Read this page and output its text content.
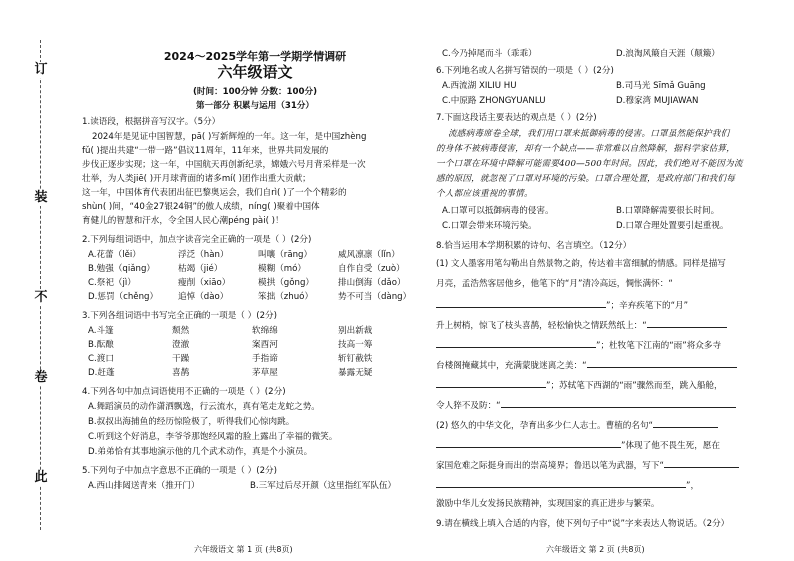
订
装
不
卷
此
2024～2025学年第一学期学情调研
六年级语文
(时间：100分钟 分数：100分)
第一部分 积累与运用（31分）
1.读语段，根据拼音写汉字。（5分）
2024年是见证中国智慧，pā( )写新辉煌的一年。这一年，是中国zhèng
fǔ( )提出共建“一带一路”倡议11周年，11年来，世界共同发展的
步伐正逐步实现；这一年，中国航天再创新纪录，嫦娥六号月背采样是一次
壮举，为人类jiē( )开月球背面的诸多mí( )团作出重大贡献；
这一年，中国体育代表团出征巴黎奥运会，我们自rì( )了一个个精彩的
shùn( )间，“40金27银24铜”的傲人成绩，níng( )聚着中国体
育健儿的智慧和汗水，令全国人民心潮péng pài( )！
2.下列每组词语中，加点字读音完全正确的一项是（ ）(2分)
A.花蕾（lěi）	浮泛（hàn）	叫嚷（rāng）	威风凛凛（lǐn）
B.勉强（qiǎng）	枯竭（jié）	模糊（mó）	自作自受（zuò）
C.祭祀（jì）	瘦削（xiāo）	模拱（gǒng）	排山倒海（dǎo）
D.惩罚（chěng） 追悼（dào）	笨拙（zhuó）	势不可当（dàng）
3.下列各组词语中书写完全正确的一项是（ ）(2分)
A.斗篷	颓然	软绵绵	别出新裁
B.酝酿	澄澈	案酉河	技高一筹
C.渡口	干躁	手指谛	斩钉截铁
D.赶蓬	喜鹊	茅草屋	暴露无疑
4.下列各句中加点词语使用不正确的一项是（ ）(2分)
A.舞蹈演员的动作潇洒飘逸，行云流水，真有笔走龙蛇之势。
B.叔叔出海捕鱼的经历惊险极了，听得我们心惊肉跳。
C.听到这个好消息，李爷爷那饱经风霜的脸上露出了幸福的微笑。
D.弟弟恰有其事地演示他的几个武术动作，真是个小演员。
5.下列句子中加点字意思不正确的一项是（ ）(2分)
A.西山排闼送青来（推开门）	B.三军过后尽开颜（这里指红军队伍）
六年级语文 第 1 页 (共8页)
C.今乃掉尾而斗（乖乖）	D.浪淘风簸自天涯（颠簸）
6.下列地名或人名拼写错误的一项是（ ）(2分)
A.西流湖 XILIU HU	B.司马光 Sīmǎ Guāng
C.中原路 ZHONGYUANLU	D.穆家湾 MUJIAWAN
7.下面这段话主要表达的观点是（ ）(2分)
流感病毒席卷全球，我们用口罩来抵御病毒的侵害。口罩虽然能保护我们
的身体不被病毒侵害，却有一个缺点——非常难以自然降解，据科学家估算，
一个口罩在环境中降解可能需要400—500年时间。因此，我们绝对不能因为流
感的原因，就忽视了口罩对环境的污染。口罩合理处置，是政府部门和我们每
个人都应该重视的事情。
A.口罩可以抵御病毒的侵害。	B.口罩降解需要很长时间。
C.口罩会带来环境污染。	D.口罩合理处置要引起重视。
8.恰当运用本学期积累的诗句、名言填空。（12分）
(1) 文人墨客用笔勾勒出自然景物之韵，传达着丰富细腻的情感。同样是描写
月亮，孟浩然客居他乡，他笔下的“月”清冷高远，惆怅满怀：“
”；辛弃疾笔下的“月”
升上树梢，惊飞了枝头喜鹊，轻松愉快之情跃然纸上：“
”；杜牧笔下江南的“雨”将众多寺
台楼阁掩藏其中，充满蒙胧迷离之美：“
”；苏轼笔下西湖的“雨”骤然而至，跳入船舱，
令人猝不及防：“
(2) 悠久的中华文化，孕育出多少仁人志士。曹植的名句“
”体现了他不畏生死，愿在
家国危难之际挺身而出的崇高境界；鲁迅以笔为武器，写下“
”，
激励中华儿女发扬民族精神，实现国家的真正进步与繁荣。
9.请在横线上填入合适的内容，使下列句子中“说”字来表达人物说话。（2分）
六年级语文 第 2 页 (共8页)
